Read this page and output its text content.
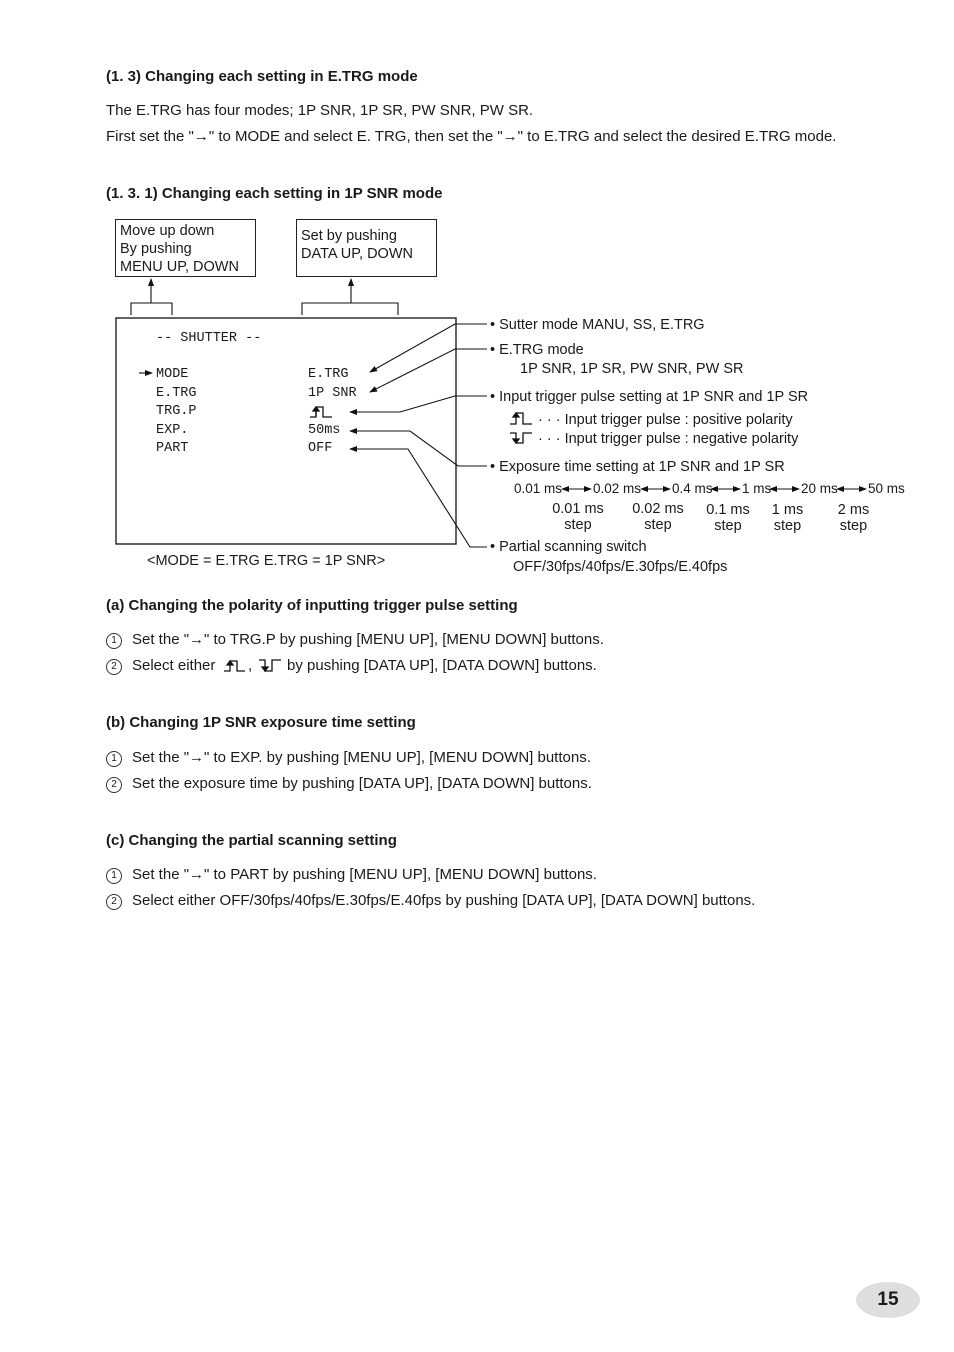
(1. 3) Changing each setting in E.TRG mode
The E.TRG has four modes; 1P SNR, 1P SR, PW SNR, PW SR.
First set the "→" to MODE and select E. TRG, then set the "→" to E.TRG and select the desired E.TRG mode.
(1. 3. 1) Changing each setting in 1P SNR mode
Move up down
By pushing
MENU UP, DOWN
Set by pushing
DATA UP, DOWN
-- SHUTTER --
MODE
E.TRG
TRG.P
EXP.
PART
E.TRG
1P SNR
50ms
OFF
<MODE = E.TRG E.TRG = 1P SNR>
• Sutter mode MANU, SS, E.TRG
• E.TRG mode
1P SNR, 1P SR, PW SNR, PW SR
• Input trigger pulse setting at 1P SNR and 1P SR
· · · Input trigger pulse : positive polarity
· · · Input trigger pulse : negative polarity
• Exposure time setting at 1P SNR and 1P SR
0.01 ms 0.02 ms 0.4 ms 1 ms 20 ms 50 ms
0.01 ms
step
0.02 ms
step
0.1 ms
step
1 ms
step
2 ms
step
• Partial scanning switch
OFF/30fps/40fps/E.30fps/E.40fps
(a) Changing the polarity of inputting trigger pulse setting
1 Set the "→" to TRG.P by pushing [MENU UP], [MENU DOWN] buttons.
2 Select either , by pushing [DATA UP], [DATA DOWN] buttons.
(b) Changing 1P SNR exposure time setting
1 Set the "→" to EXP. by pushing [MENU UP], [MENU DOWN] buttons.
2 Set the exposure time by pushing [DATA UP], [DATA DOWN] buttons.
(c) Changing the partial scanning setting
1 Set the "→" to PART by pushing [MENU UP], [MENU DOWN] buttons.
2 Select either OFF/30fps/40fps/E.30fps/E.40fps by pushing [DATA UP], [DATA DOWN] buttons.
15
